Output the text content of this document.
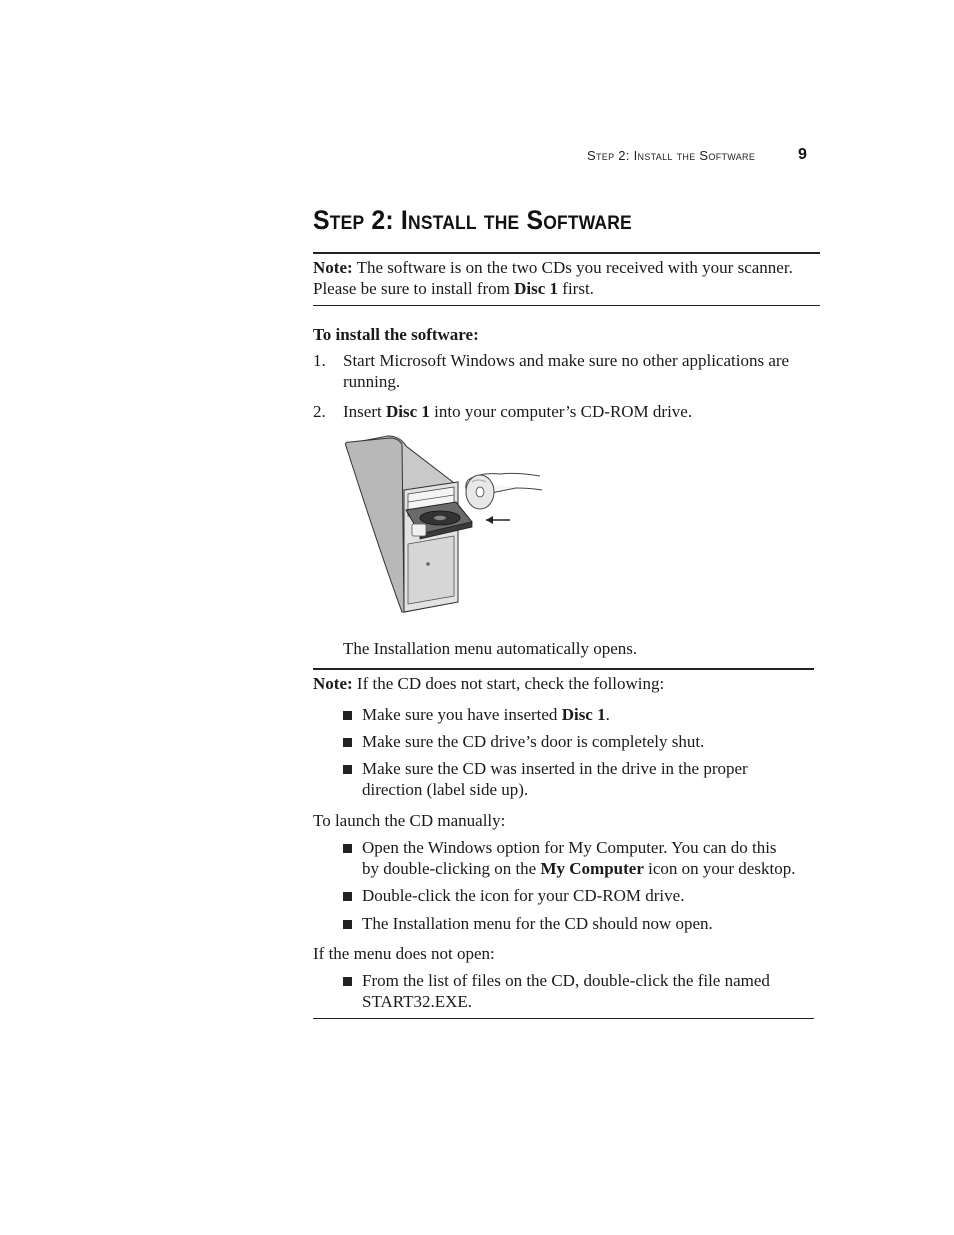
Step 2: Install the Software	9
Step 2: Install the Software
Note: The software is on the two CDs you received with your scanner.
Please be sure to install from Disc 1 first.
To install the software:
1. Start Microsoft Windows and make sure no other applications are
running.
2. Insert Disc 1 into your computer’s CD-ROM drive.
The Installation menu automatically opens.
Note: If the CD does not start, check the following:
Make sure you have inserted Disc 1.
Make sure the CD drive’s door is completely shut.
Make sure the CD was inserted in the drive in the proper
direction (label side up).
To launch the CD manually:
Open the Windows option for My Computer. You can do this
by double-clicking on the My Computer icon on your desktop.
Double-click the icon for your CD-ROM drive.
The Installation menu for the CD should now open.
If the menu does not open:
From the list of files on the CD, double-click the file named
START32.EXE.
